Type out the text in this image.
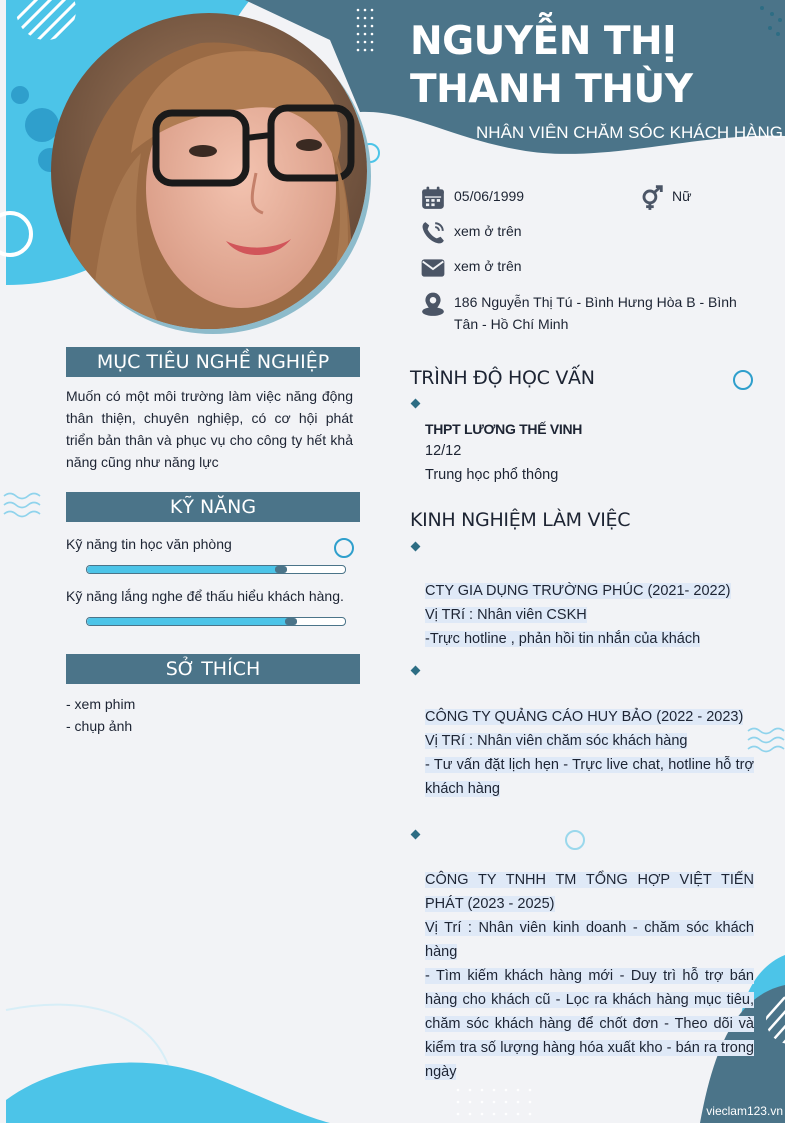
NGUYỄN THỊ
THANH THÙY
NHÂN VIÊN CHĂM SÓC KHÁCH HÀNG
05/06/1999	Nữ
xem ở trên
xem ở trên
186 Nguyễn Thị Tú - Bình Hưng Hòa B - Bình Tân - Hồ Chí Minh
MỤC TIÊU NGHỀ NGHIỆP
Muốn có một môi trường làm việc năng động thân thiện, chuyên nghiệp, có cơ hội phát triển bản thân và phục vụ cho công ty hết khả năng cũng như năng lực
KỸ NĂNG
Kỹ năng tin học văn phòng
Kỹ năng lắng nghe để thấu hiểu khách hàng.
SỞ THÍCH
- xem phim
- chụp ảnh
TRÌNH ĐỘ HỌC VẤN
THPT LƯƠNG THẾ VINH
12/12
Trung học phổ thông
KINH NGHIỆM LÀM VIỆC
CTY GIA DỤNG TRƯỜNG PHÚC (2021- 2022)
Vị TRí : Nhân viên CSKH
-Trực hotline , phản hồi tin nhắn của khách
CÔNG TY QUẢNG CÁO HUY BẢO (2022 - 2023)
Vị TRí : Nhân viên chăm sóc khách hàng
- Tư vấn đặt lịch hẹn - Trực live chat, hotline hỗ trợ khách hàng
CÔNG TY TNHH TM TỔNG HỢP VIỆT TIẾN PHÁT (2023 - 2025)
Vị Trí : Nhân viên kinh doanh - chăm sóc khách hàng
- Tìm kiếm khách hàng mới - Duy trì hỗ trợ bán hàng cho khách cũ - Lọc ra khách hàng mục tiêu, chăm sóc khách hàng để chốt đơn - Theo dõi và kiểm tra số lượng hàng hóa xuất kho - bán ra trong ngày
vieclam123.vn
